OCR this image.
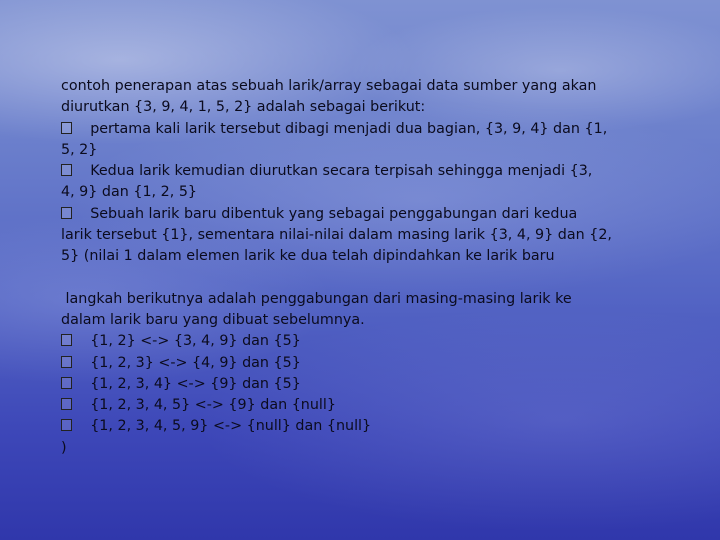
contoh penerapan atas sebuah larik/array sebagai data sumber yang akan
diurutkan {3, 9, 4, 1, 5, 2} adalah sebagai berikut:
pertama kali larik tersebut dibagi menjadi dua bagian, {3, 9, 4} dan {1,
5, 2}
Kedua larik kemudian diurutkan secara terpisah sehingga menjadi {3,
4, 9} dan {1, 2, 5}
Sebuah larik baru dibentuk yang sebagai penggabungan dari kedua
larik tersebut {1}, sementara nilai-nilai dalam masing larik {3, 4, 9} dan {2,
5} (nilai 1 dalam elemen larik ke dua telah dipindahkan ke larik baru
langkah berikutnya adalah penggabungan dari masing-masing larik ke
dalam larik baru yang dibuat sebelumnya.
{1, 2} <-> {3, 4, 9} dan {5}
{1, 2, 3} <-> {4, 9} dan {5}
{1, 2, 3, 4} <-> {9} dan {5}
{1, 2, 3, 4, 5} <-> {9} dan {null}
{1, 2, 3, 4, 5, 9} <-> {null} dan {null}
)
